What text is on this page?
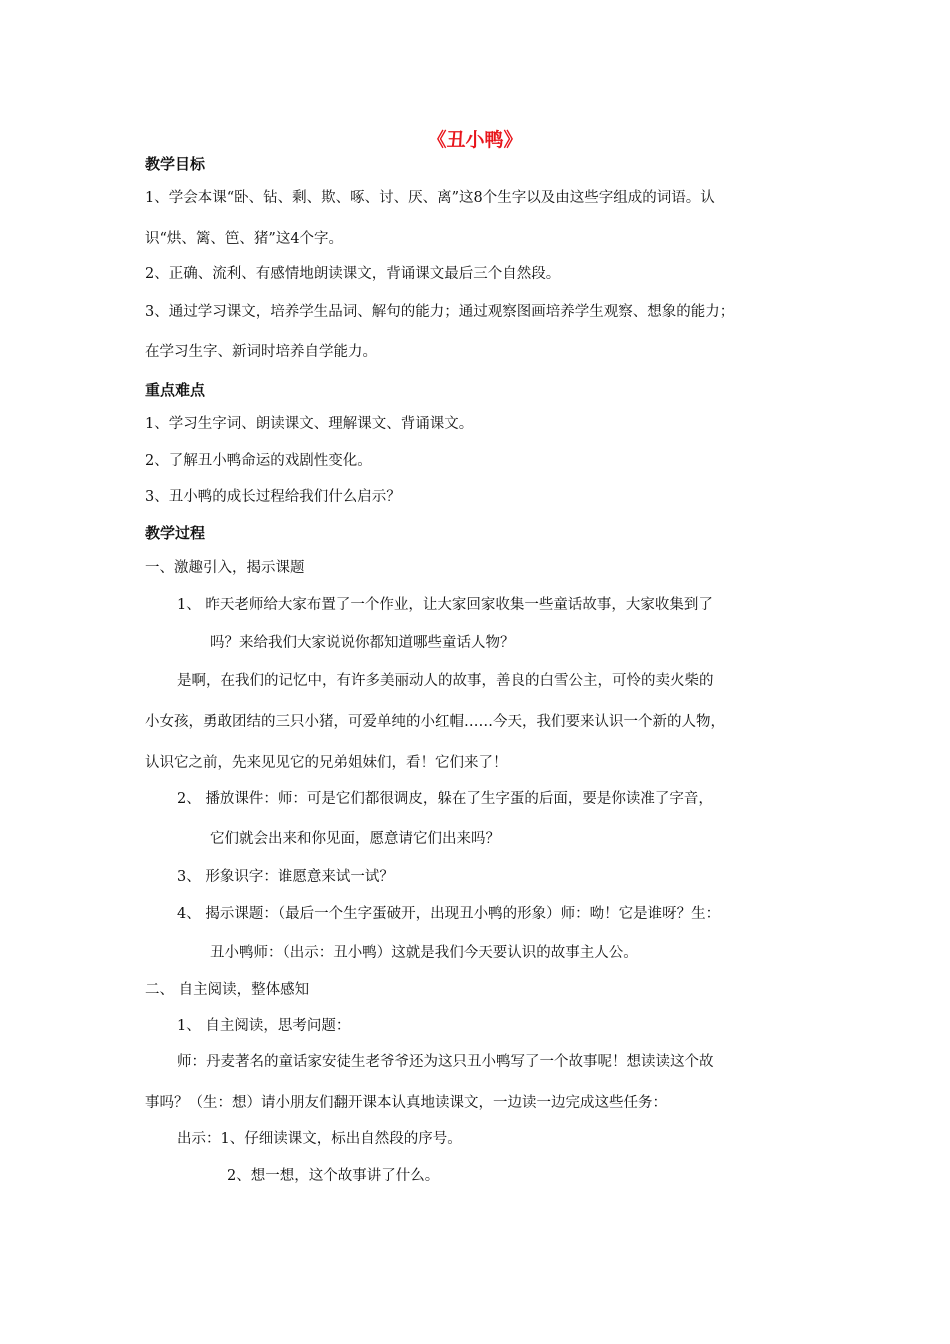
《丑小鸭》
教学目标
1、学会本课“卧、钻、剩、欺、啄、讨、厌、离”这8个生字以及由这些字组成的词语。认
识“烘、篱、笆、猪”这4个字。
2、正确、流利、有感情地朗读课文，背诵课文最后三个自然段。
3、通过学习课文，培养学生品词、解句的能力；通过观察图画培养学生观察、想象的能力；
在学习生字、新词时培养自学能力。
重点难点
1、学习生字词、朗读课文、理解课文、背诵课文。
2、了解丑小鸭命运的戏剧性变化。
3、丑小鸭的成长过程给我们什么启示？
教学过程
一、激趣引入，揭示课题
1、 昨天老师给大家布置了一个作业，让大家回家收集一些童话故事，大家收集到了
吗？来给我们大家说说你都知道哪些童话人物？
是啊，在我们的记忆中，有许多美丽动人的故事，善良的白雪公主，可怜的卖火柴的
小女孩，勇敢团结的三只小猪，可爱单纯的小红帽……今天，我们要来认识一个新的人物，
认识它之前，先来见见它的兄弟姐妹们，看！它们来了！
2、 播放课件：师：可是它们都很调皮，躲在了生字蛋的后面，要是你读准了字音，
它们就会出来和你见面，愿意请它们出来吗？
3、 形象识字：谁愿意来试一试？
4、 揭示课题：（最后一个生字蛋破开，出现丑小鸭的形象）师：呦！它是谁呀？生：
丑小鸭师：（出示：丑小鸭）这就是我们今天要认识的故事主人公。
二、 自主阅读，整体感知
1、 自主阅读，思考问题：
师：丹麦著名的童话家安徒生老爷爷还为这只丑小鸭写了一个故事呢！想读读这个故
事吗？（生：想）请小朋友们翻开课本认真地读课文，一边读一边完成这些任务：
出示：1、仔细读课文，标出自然段的序号。
2、想一想，这个故事讲了什么。
